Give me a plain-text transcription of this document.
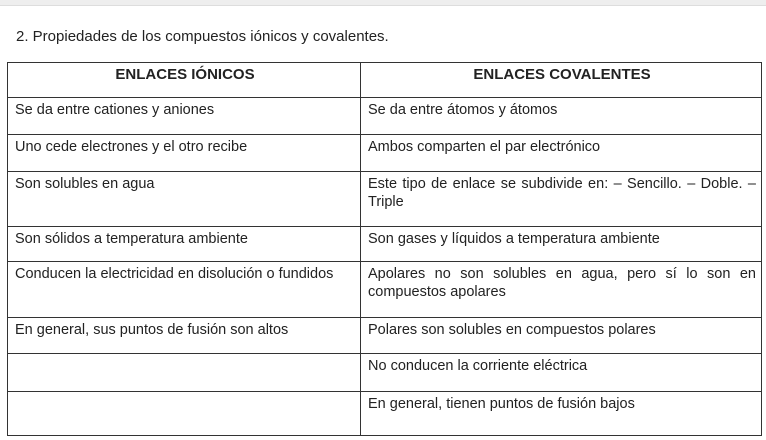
2. Propiedades de los compuestos iónicos y covalentes.
ENLACES IÓNICOS	ENLACES COVALENTES
Se da entre cationes y aniones	Se da entre átomos y átomos
Uno cede electrones y el otro recibe	Ambos comparten el par electrónico
Son solubles en agua	Este tipo de enlace se subdivide en: – Sencillo. – Doble. – Triple
Son sólidos a temperatura ambiente	Son gases y líquidos a temperatura ambiente
Conducen la electricidad en disolución o fundidos	Apolares no son solubles en agua, pero sí lo son en compuestos apolares
En general, sus puntos de fusión son altos	Polares son solubles en compuestos polares
	No conducen la corriente eléctrica
	En general, tienen puntos de fusión bajos
